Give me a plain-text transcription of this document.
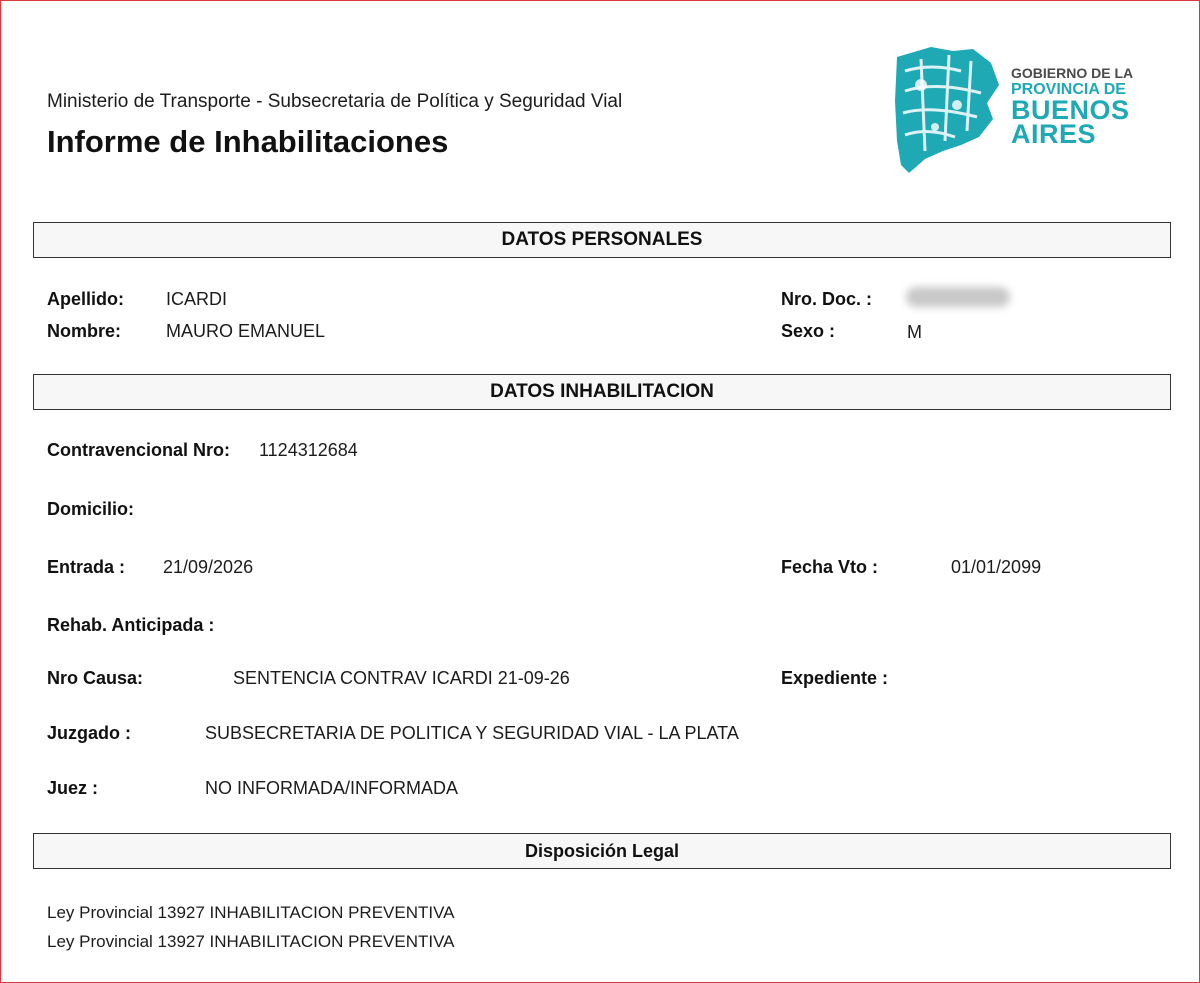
Ministerio de Transporte - Subsecretaria de Política y Seguridad Vial
Informe de Inhabilitaciones
GOBIERNO DE LA
PROVINCIA DE
BUENOS
AIRES
DATOS PERSONALES
Apellido: ICARDI
Nombre: MAURO EMANUEL
Nro. Doc. :
Sexo :	M
DATOS INHABILITACION
Contravencional Nro: 1124312684
Domicilio:
Entrada : 21/09/2026	Fecha Vto :	01/01/2099
Rehab. Anticipada :
Nro Causa:	SENTENCIA CONTRAV ICARDI 21-09-26	Expediente :
Juzgado :	SUBSECRETARIA DE POLITICA Y SEGURIDAD VIAL - LA PLATA
Juez :	NO INFORMADA/INFORMADA
Disposición Legal
Ley Provincial 13927 INHABILITACION PREVENTIVA
Ley Provincial 13927 INHABILITACION PREVENTIVA
